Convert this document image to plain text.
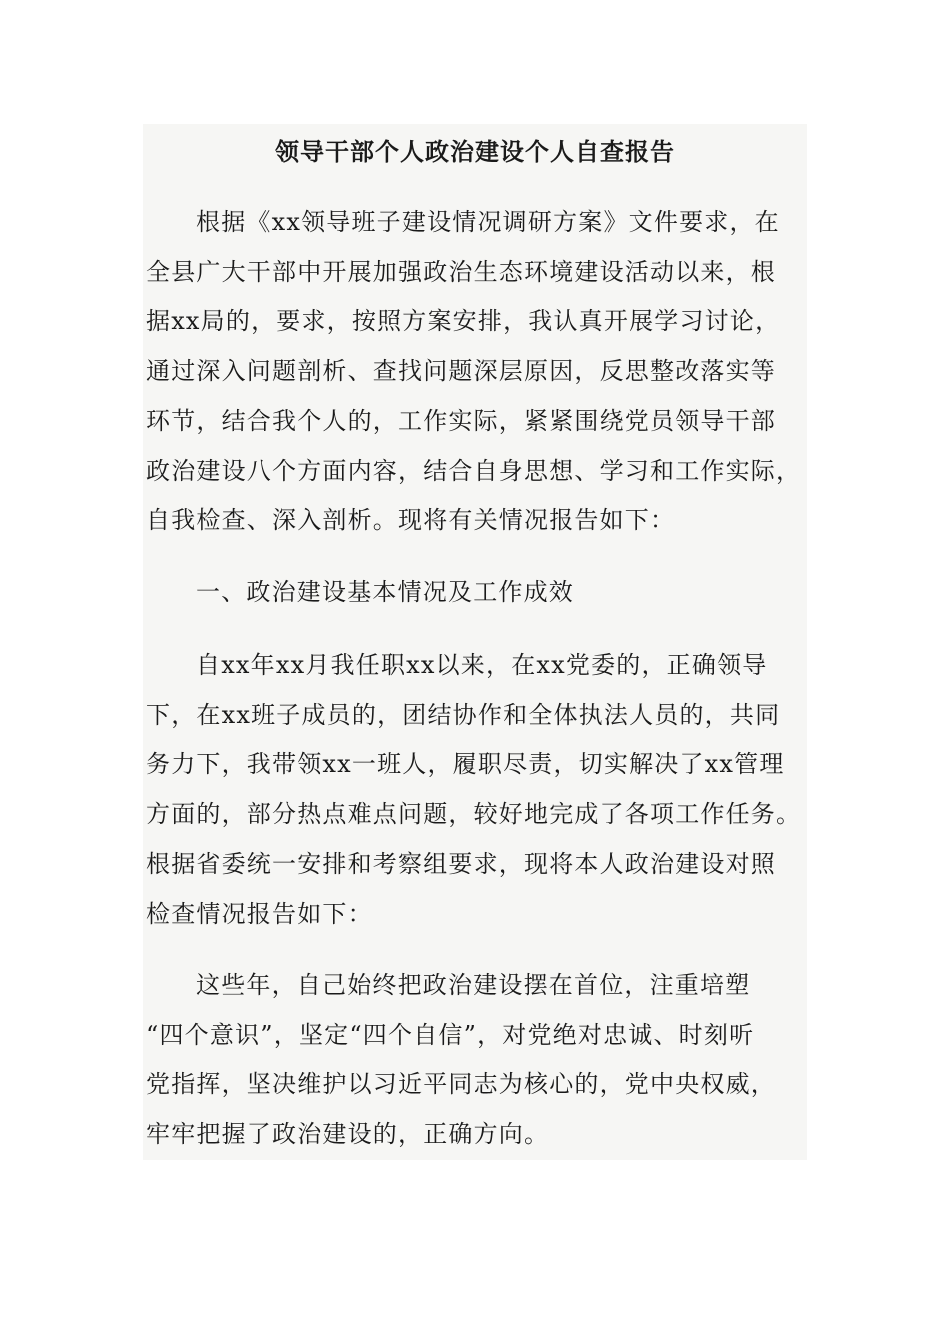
领导干部个人政治建设个人自查报告
根据《xx领导班子建设情况调研方案》文件要求，在
全县广大干部中开展加强政治生态环境建设活动以来，根
据xx局的，要求，按照方案安排，我认真开展学习讨论，
通过深入问题剖析、查找问题深层原因，反思整改落实等
环节，结合我个人的，工作实际，紧紧围绕党员领导干部
政治建设八个方面内容，结合自身思想、学习和工作实际，
自我检查、深入剖析。现将有关情况报告如下：
一、政治建设基本情况及工作成效
自xx年xx月我任职xx以来，在xx党委的，正确领导
下，在xx班子成员的，团结协作和全体执法人员的，共同
务力下，我带领xx一班人，履职尽责，切实解决了xx管理
方面的，部分热点难点问题，较好地完成了各项工作任务。
根据省委统一安排和考察组要求，现将本人政治建设对照
检查情况报告如下：
这些年，自己始终把政治建设摆在首位，注重培塑
“四个意识”，坚定“四个自信”，对党绝对忠诚、时刻听
党指挥，坚决维护以习近平同志为核心的，党中央权威，
牢牢把握了政治建设的，正确方向。
